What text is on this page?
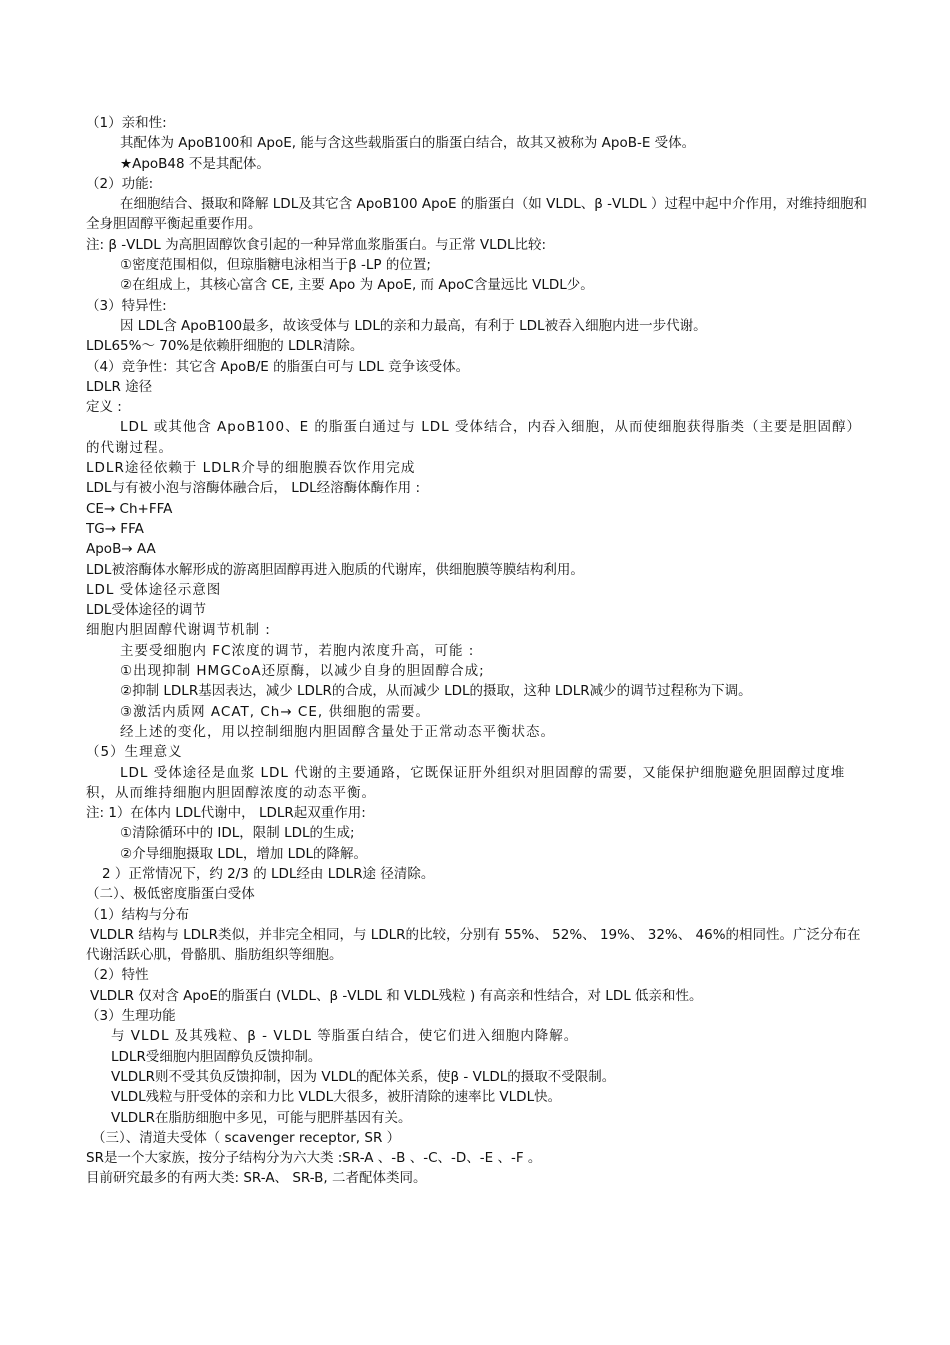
（1）亲和性:

其配体为 ApoB100和 ApoE, 能与含这些载脂蛋白的脂蛋白结合，故其又被称为 ApoB-E 受体。

★ApoB48 不是其配体。

（2）功能:

在细胞结合、摄取和降解 LDL及其它含 ApoB100 ApoE 的脂蛋白（如 VLDL、β -VLDL ）过程中起中介作用，对维持细胞和全身胆固醇平衡起重要作用。

注: β -VLDL 为高胆固醇饮食引起的一种异常血浆脂蛋白。与正常 VLDL比较:

①密度范围相似，但琼脂糖电泳相当于β -LP 的位置;

②在组成上，其核心富含 CE, 主要 Apo 为 ApoE, 而 ApoC含量远比 VLDL少。

（3）特异性:

因 LDL含 ApoB100最多，故该受体与 LDL的亲和力最高，有利于 LDL被吞入细胞内进一步代谢。

LDL65%～ 70%是依赖肝细胞的 LDLR清除。

（4）竞争性：其它含 ApoB/E 的脂蛋白可与 LDL 竞争该受体。

LDLR 途径

定义 :

LDL 或其他含 ApoB100、E 的脂蛋白通过与 LDL 受体结合，内吞入细胞，从而使细胞获得脂类（主要是胆固醇）的代谢过程。

LDLR途径依赖于 LDLR介导的细胞膜吞饮作用完成

LDL与有被小泡与溶酶体融合后， LDL经溶酶体酶作用 :

CE→ Ch+FFA

TG→ FFA

ApoB→ AA

LDL被溶酶体水解形成的游离胆固醇再进入胞质的代谢库，供细胞膜等膜结构利用。

LDL 受体途径示意图

LDL受体途径的调节

细胞内胆固醇代谢调节机制 :

主要受细胞内 FC浓度的调节，若胞内浓度升高，可能 :

①出现抑制 HMGCoA还原酶，以减少自身的胆固醇合成;

②抑制 LDLR基因表达，减少 LDLR的合成，从而减少 LDL的摄取，这种 LDLR减少的调节过程称为下调。

③激活内质网 ACAT, Ch→ CE, 供细胞的需要。

经上述的变化，用以控制细胞内胆固醇含量处于正常动态平衡状态。

（5）生理意义

LDL 受体途径是血浆 LDL 代谢的主要通路，它既保证肝外组织对胆固醇的需要，又能保护细胞避免胆固醇过度堆积，从而维持细胞内胆固醇浓度的动态平衡。

注: 1）在体内 LDL代谢中， LDLR起双重作用:

①清除循环中的 IDL，限制 LDL的生成;

②介导细胞摄取 LDL，增加 LDL的降解。

2 ）正常情况下，约 2/3 的 LDL经由 LDLR途 径清除。

（二）、极低密度脂蛋白受体

（1）结构与分布

VLDLR 结构与 LDLR类似，并非完全相同，与 LDLR的比较，分别有 55%、 52%、 19%、 32%、 46%的相同性。广泛分布在代谢活跃心肌，骨骼肌、脂肪组织等细胞。

（2）特性

VLDLR 仅对含 ApoE的脂蛋白 (VLDL、β -VLDL 和 VLDL残粒 ) 有高亲和性结合，对 LDL 低亲和性。

（3）生理功能

与 VLDL 及其残粒、β - VLDL 等脂蛋白结合，使它们进入细胞内降解。

LDLR受细胞内胆固醇负反馈抑制。

VLDLR则不受其负反馈抑制，因为 VLDL的配体关系，使β - VLDL的摄取不受限制。

VLDL残粒与肝受体的亲和力比 VLDL大很多，被肝清除的速率比 VLDL快。

VLDLR在脂肪细胞中多见，可能与肥胖基因有关。

（三）、清道夫受体（ scavenger receptor, SR ）

SR是一个大家族，按分子结构分为六大类 :SR-A 、-B 、-C、-D、-E 、-F 。

目前研究最多的有两大类: SR-A、 SR-B, 二者配体类同。
